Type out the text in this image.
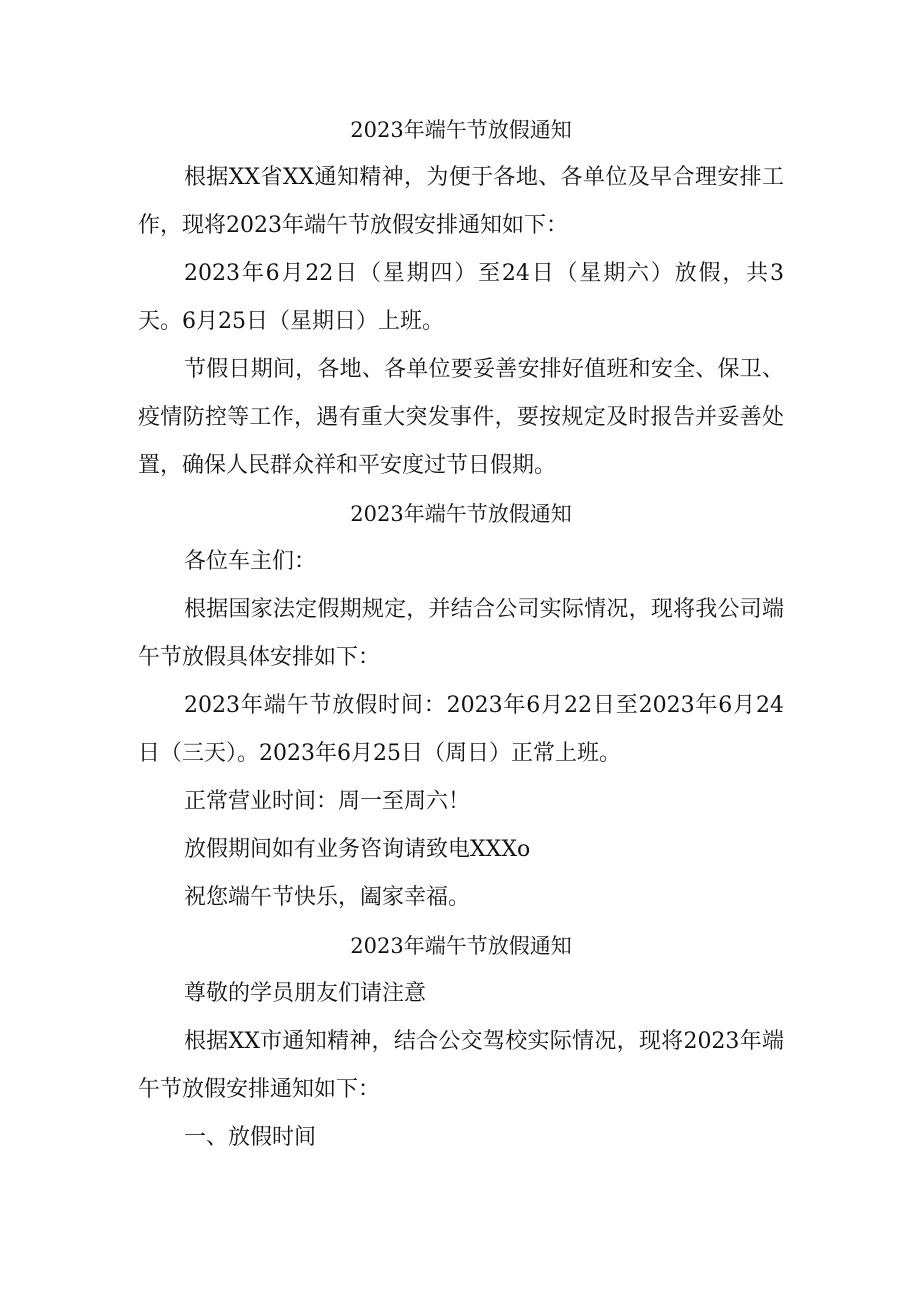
2023年端午节放假通知

根据XX省XX通知精神，为便于各地、各单位及早合理安排工作，现将2023年端午节放假安排通知如下：

2023年6月22日（星期四）至24日（星期六）放假，共3天。6月25日（星期日）上班。

节假日期间，各地、各单位要妥善安排好值班和安全、保卫、疫情防控等工作，遇有重大突发事件，要按规定及时报告并妥善处置，确保人民群众祥和平安度过节日假期。

2023年端午节放假通知

各位车主们：

根据国家法定假期规定，并结合公司实际情况，现将我公司端午节放假具体安排如下：

2023年端午节放假时间：2023年6月22日至2023年6月24日（三天）。2023年6月25日（周日）正常上班。

正常营业时间：周一至周六！

放假期间如有业务咨询请致电XXXo

祝您端午节快乐，阖家幸福。

2023年端午节放假通知

尊敬的学员朋友们请注意

根据XX市通知精神，结合公交驾校实际情况，现将2023年端午节放假安排通知如下：

一、放假时间
